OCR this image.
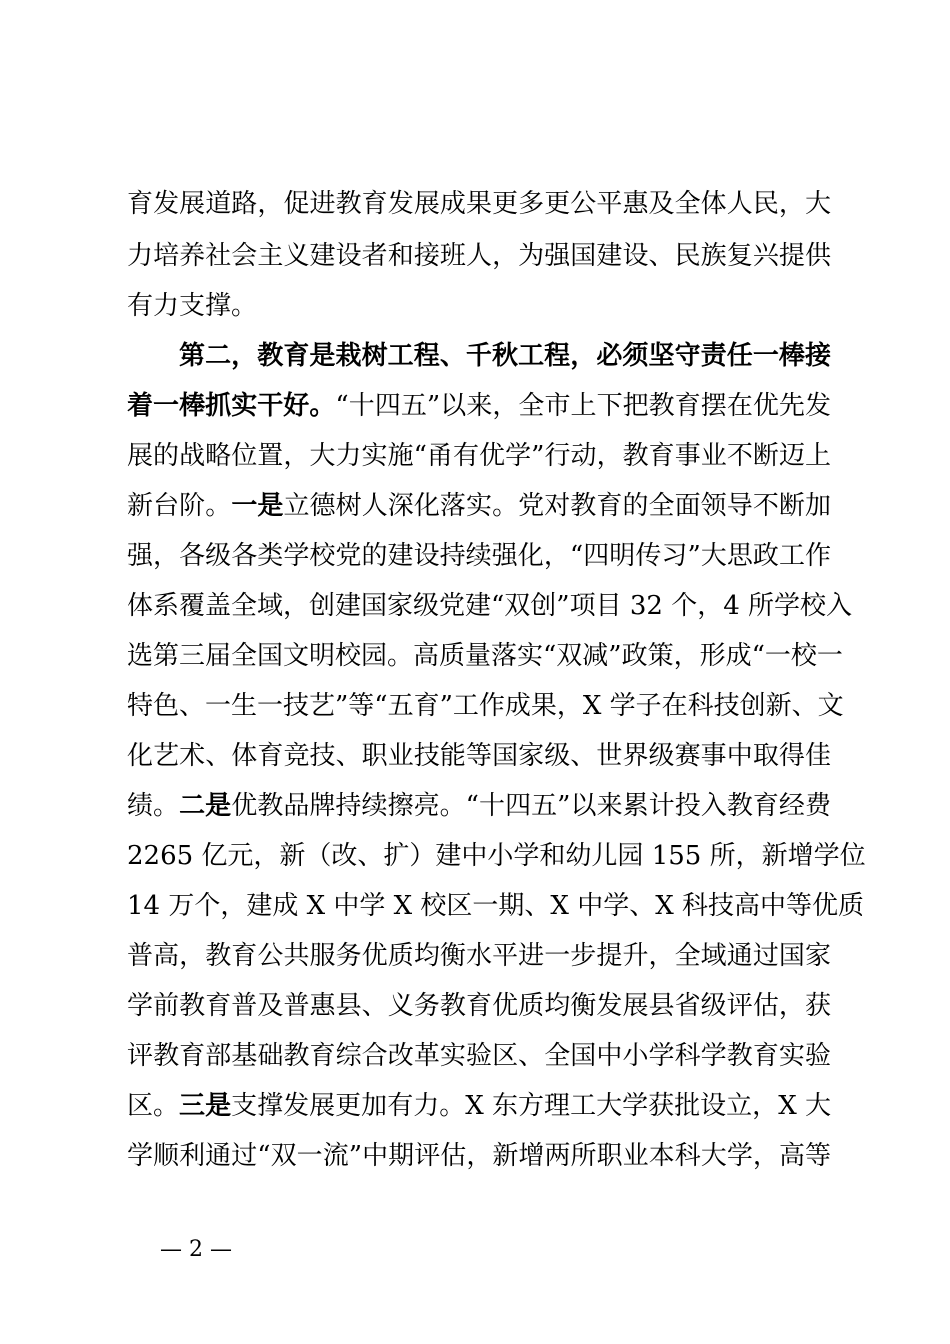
育发展道路，促进教育发展成果更多更公平惠及全体人民，大
力培养社会主义建设者和接班人，为强国建设、民族复兴提供
有力支撑。
第二，教育是栽树工程、千秋工程，必须坚守责任一棒接
着一棒抓实干好。“十四五”以来，全市上下把教育摆在优先发
展的战略位置，大力实施“甬有优学”行动，教育事业不断迈上
新台阶。一是立德树人深化落实。党对教育的全面领导不断加
强，各级各类学校党的建设持续强化，“四明传习”大思政工作
体系覆盖全域，创建国家级党建“双创”项目 32 个，4 所学校入
选第三届全国文明校园。高质量落实“双减”政策，形成“一校一
特色、一生一技艺”等“五育”工作成果，X 学子在科技创新、文
化艺术、体育竞技、职业技能等国家级、世界级赛事中取得佳
绩。二是优教品牌持续擦亮。“十四五”以来累计投入教育经费
2265 亿元，新（改、扩）建中小学和幼儿园 155 所，新增学位
14 万个，建成 X 中学 X 校区一期、X 中学、X 科技高中等优质
普高，教育公共服务优质均衡水平进一步提升，全域通过国家
学前教育普及普惠县、义务教育优质均衡发展县省级评估，获
评教育部基础教育综合改革实验区、全国中小学科学教育实验
区。三是支撑发展更加有力。X 东方理工大学获批设立，X 大
学顺利通过“双一流”中期评估，新增两所职业本科大学，高等
— 2 —
